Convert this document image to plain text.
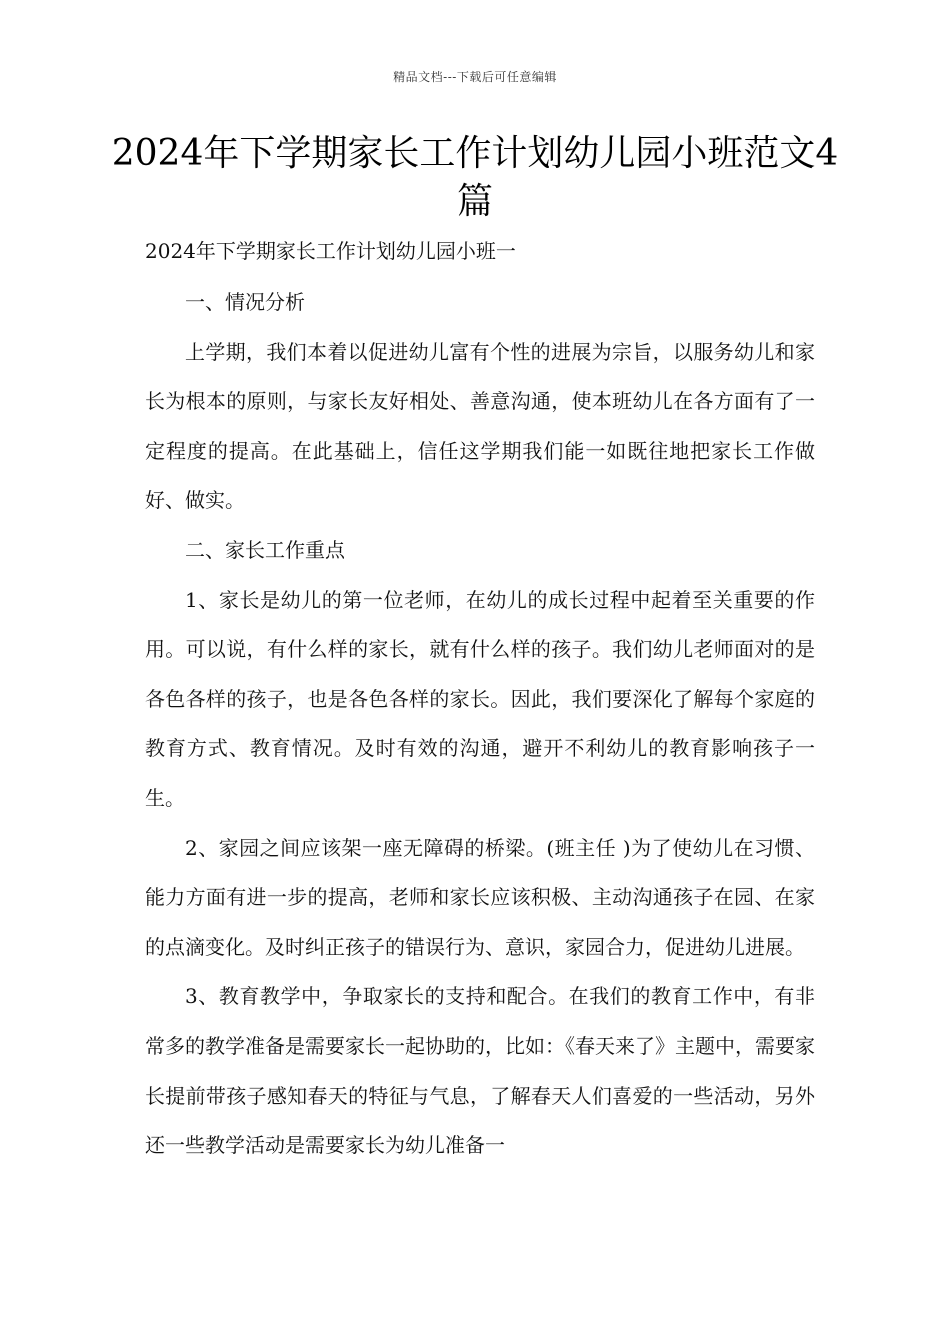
精品文档---下载后可任意编辑
2024年下学期家长工作计划幼儿园小班范文4篇
2024年下学期家长工作计划幼儿园小班一

一、情况分析

上学期，我们本着以促进幼儿富有个性的进展为宗旨，以服务幼儿和家长为根本的原则，与家长友好相处、善意沟通，使本班幼儿在各方面有了一定程度的提高。在此基础上，信任这学期我们能一如既往地把家长工作做好、做实。

二、家长工作重点

1、家长是幼儿的第一位老师，在幼儿的成长过程中起着至关重要的作用。可以说，有什么样的家长，就有什么样的孩子。我们幼儿老师面对的是各色各样的孩子，也是各色各样的家长。因此，我们要深化了解每个家庭的教育方式、教育情况。及时有效的沟通，避开不利幼儿的教育影响孩子一生。

2、家园之间应该架一座无障碍的桥梁。(班主任 )为了使幼儿在习惯、能力方面有进一步的提高，老师和家长应该积极、主动沟通孩子在园、在家的点滴变化。及时纠正孩子的错误行为、意识，家园合力，促进幼儿进展。

3、教育教学中，争取家长的支持和配合。在我们的教育工作中，有非常多的教学准备是需要家长一起协助的，比如：《春天来了》主题中，需要家长提前带孩子感知春天的特征与气息，了解春天人们喜爱的一些活动，另外还一些教学活动是需要家长为幼儿准备一
